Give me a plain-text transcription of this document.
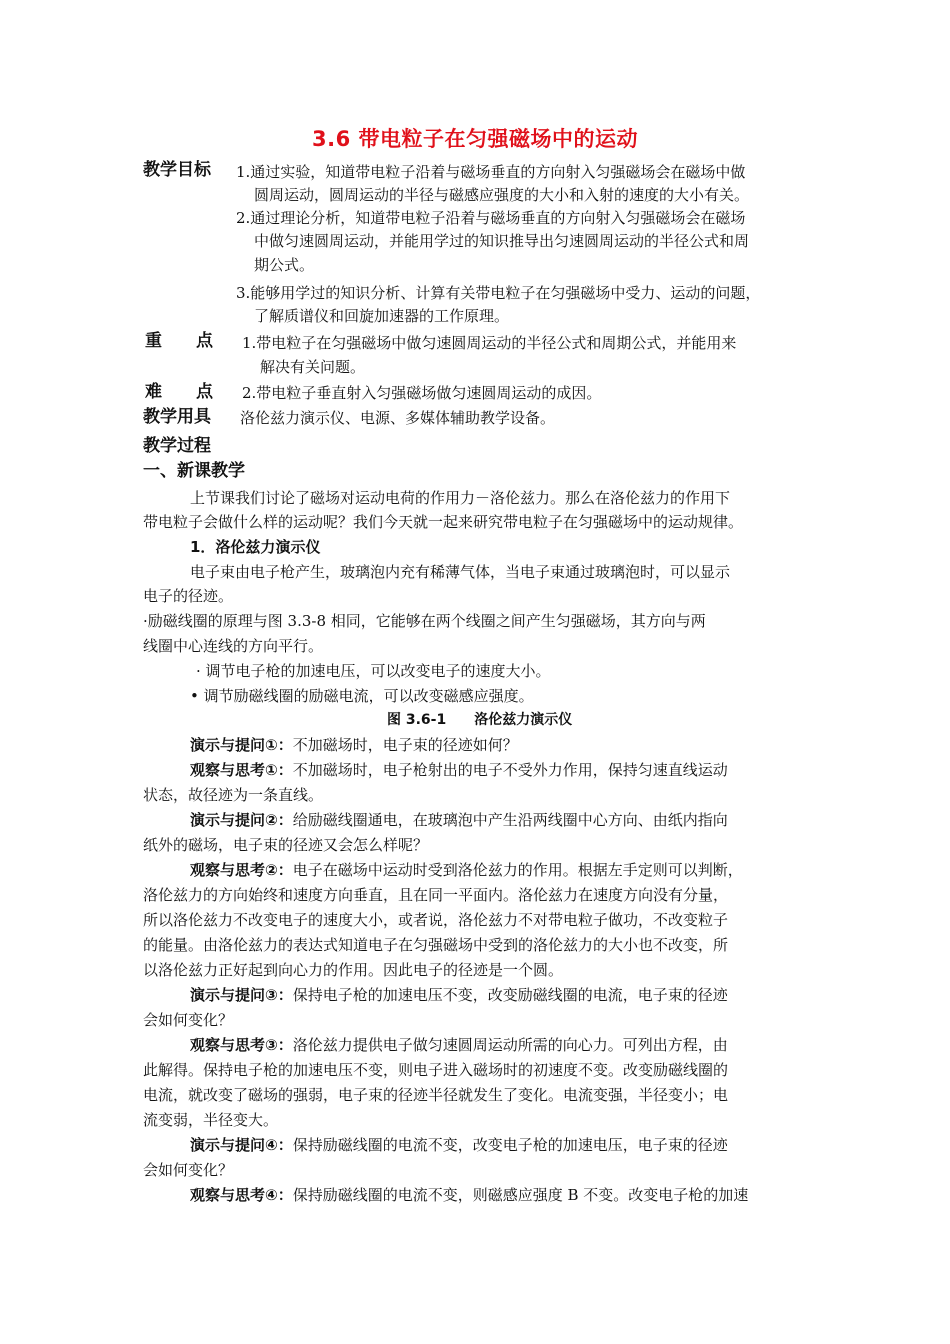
3.6 带电粒子在匀强磁场中的运动
教学目标 1.通过实验，知道带电粒子沿着与磁场垂直的方向射入匀强磁场会在磁场中做
圆周运动，圆周运动的半径与磁感应强度的大小和入射的速度的大小有关。
2.通过理论分析，知道带电粒子沿着与磁场垂直的方向射入匀强磁场会在磁场
中做匀速圆周运动，并能用学过的知识推导出匀速圆周运动的半径公式和周
期公式。
3.能够用学过的知识分析、计算有关带电粒子在匀强磁场中受力、运动的问题，
了解质谱仪和回旋加速器的工作原理。
重　　点 1.带电粒子在匀强磁场中做匀速圆周运动的半径公式和周期公式，并能用来
解决有关问题。
难　　点 2.带电粒子垂直射入匀强磁场做匀速圆周运动的成因。
教学用具 洛伦兹力演示仪、电源、多媒体辅助教学设备。
教学过程
一、新课教学
上节课我们讨论了磁场对运动电荷的作用力－洛伦兹力。那么在洛伦兹力的作用下
带电粒子会做什么样的运动呢？我们今天就一起来研究带电粒子在匀强磁场中的运动规律。
1．洛伦兹力演示仪
电子束由电子枪产生，玻璃泡内充有稀薄气体，当电子束通过玻璃泡时，可以显示
电子的径迹。
·励磁线圈的原理与图 3.3-8 相同，它能够在两个线圈之间产生匀强磁场，其方向与两
线圈中心连线的方向平行。
· 调节电子枪的加速电压，可以改变电子的速度大小。
• 调节励磁线圈的励磁电流，可以改变磁感应强度。
图 3.6-1　　洛伦兹力演示仪
演示与提问①：不加磁场时，电子束的径迹如何？
观察与思考①：不加磁场时，电子枪射出的电子不受外力作用，保持匀速直线运动
状态，故径迹为一条直线。
演示与提问②：给励磁线圈通电，在玻璃泡中产生沿两线圈中心方向、由纸内指向
纸外的磁场，电子束的径迹又会怎么样呢？
观察与思考②：电子在磁场中运动时受到洛伦兹力的作用。根据左手定则可以判断，
洛伦兹力的方向始终和速度方向垂直，且在同一平面内。洛伦兹力在速度方向没有分量，
所以洛伦兹力不改变电子的速度大小，或者说，洛伦兹力不对带电粒子做功，不改变粒子
的能量。由洛伦兹力的表达式知道电子在匀强磁场中受到的洛伦兹力的大小也不改变，所
以洛伦兹力正好起到向心力的作用。因此电子的径迹是一个圆。
演示与提问③：保持电子枪的加速电压不变，改变励磁线圈的电流，电子束的径迹
会如何变化？
观察与思考③：洛伦兹力提供电子做匀速圆周运动所需的向心力。可列出方程，由
此解得。保持电子枪的加速电压不变，则电子进入磁场时的初速度不变。改变励磁线圈的
电流，就改变了磁场的强弱，电子束的径迹半径就发生了变化。电流变强，半径变小；电
流变弱，半径变大。
演示与提问④：保持励磁线圈的电流不变，改变电子枪的加速电压，电子束的径迹
会如何变化？
观察与思考④：保持励磁线圈的电流不变，则磁感应强度 B 不变。改变电子枪的加速
